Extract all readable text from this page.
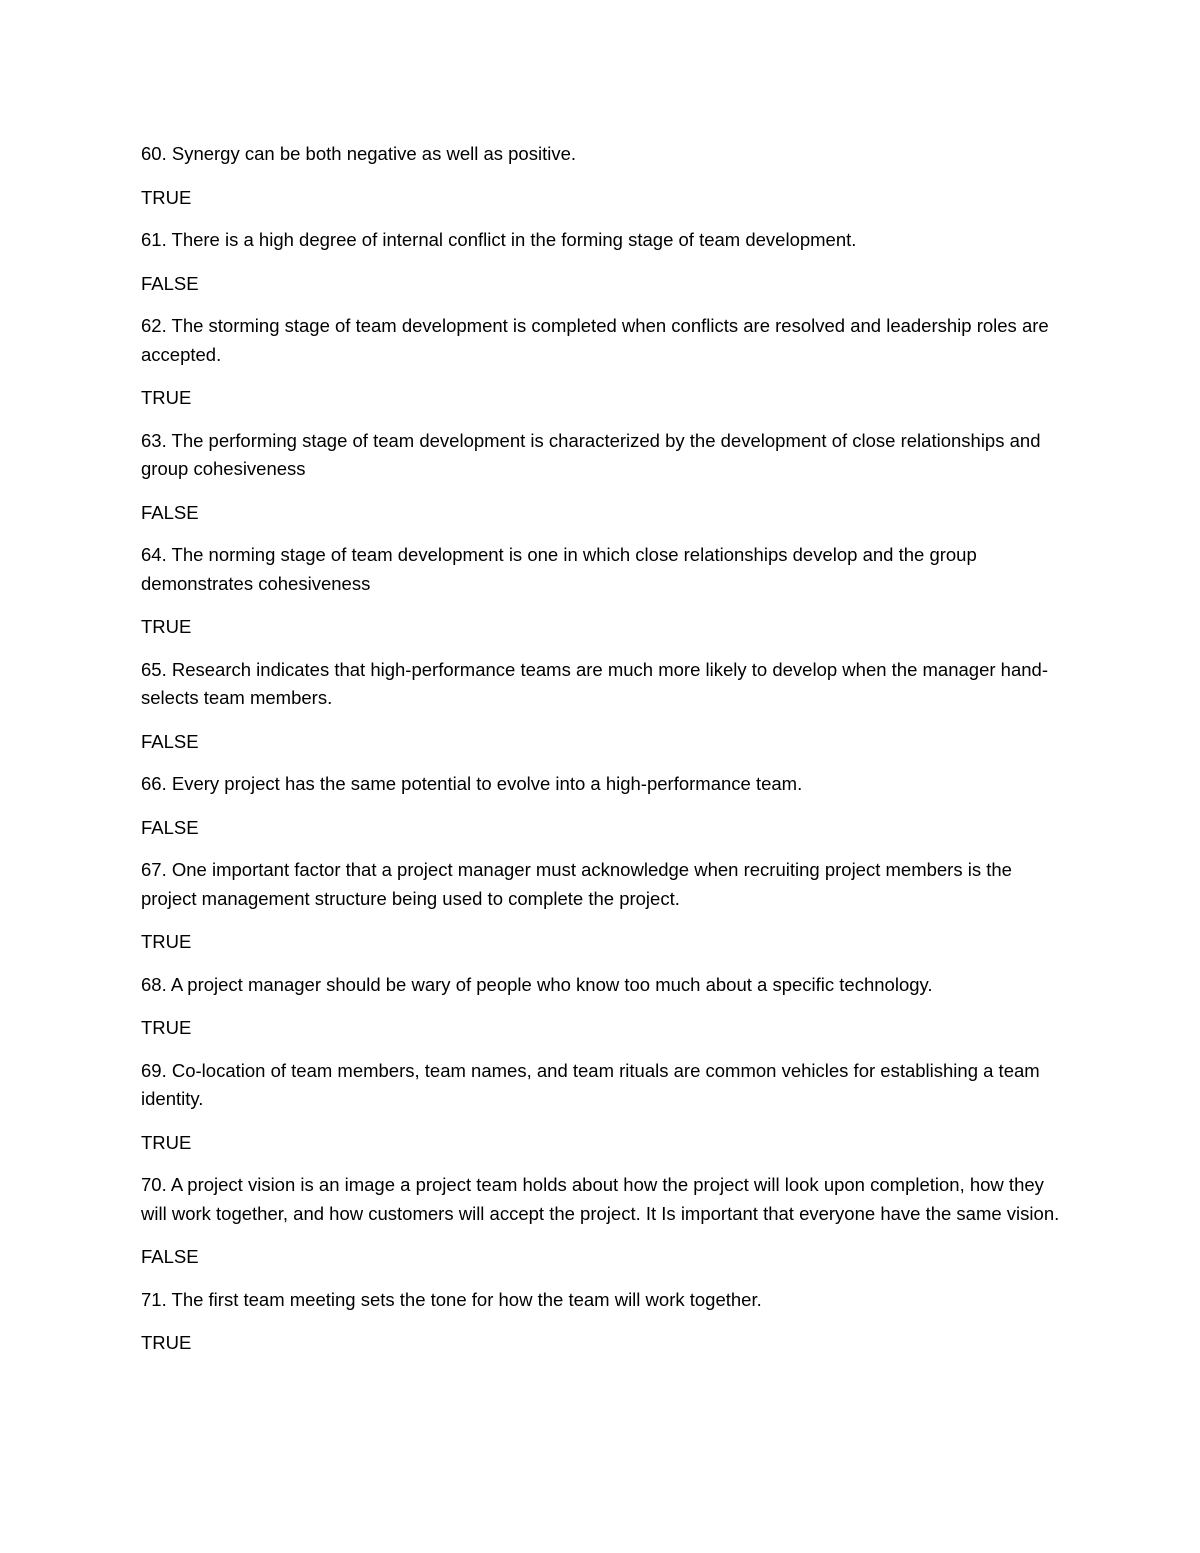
60. Synergy can be both negative as well as positive.

TRUE

61. There is a high degree of internal conflict in the forming stage of team development.

FALSE

62. The storming stage of team development is completed when conflicts are resolved and leadership roles are accepted.

TRUE

63. The performing stage of team development is characterized by the development of close relationships and group cohesiveness

FALSE

64. The norming stage of team development is one in which close relationships develop and the group demonstrates cohesiveness

TRUE

65. Research indicates that high-performance teams are much more likely to develop when the manager hand- selects team members.

FALSE

66. Every project has the same potential to evolve into a high-performance team.

FALSE

67. One important factor that a project manager must acknowledge when recruiting project members is the project management structure being used to complete the project.

TRUE

68. A project manager should be wary of people who know too much about a specific technology.

TRUE

69. Co-location of team members, team names, and team rituals are common vehicles for establishing a team identity.

TRUE

70. A project vision is an image a project team holds about how the project will look upon completion, how they will work together, and how customers will accept the project. It Is important that everyone have the same vision.

FALSE

71. The first team meeting sets the tone for how the team will work together.

TRUE
